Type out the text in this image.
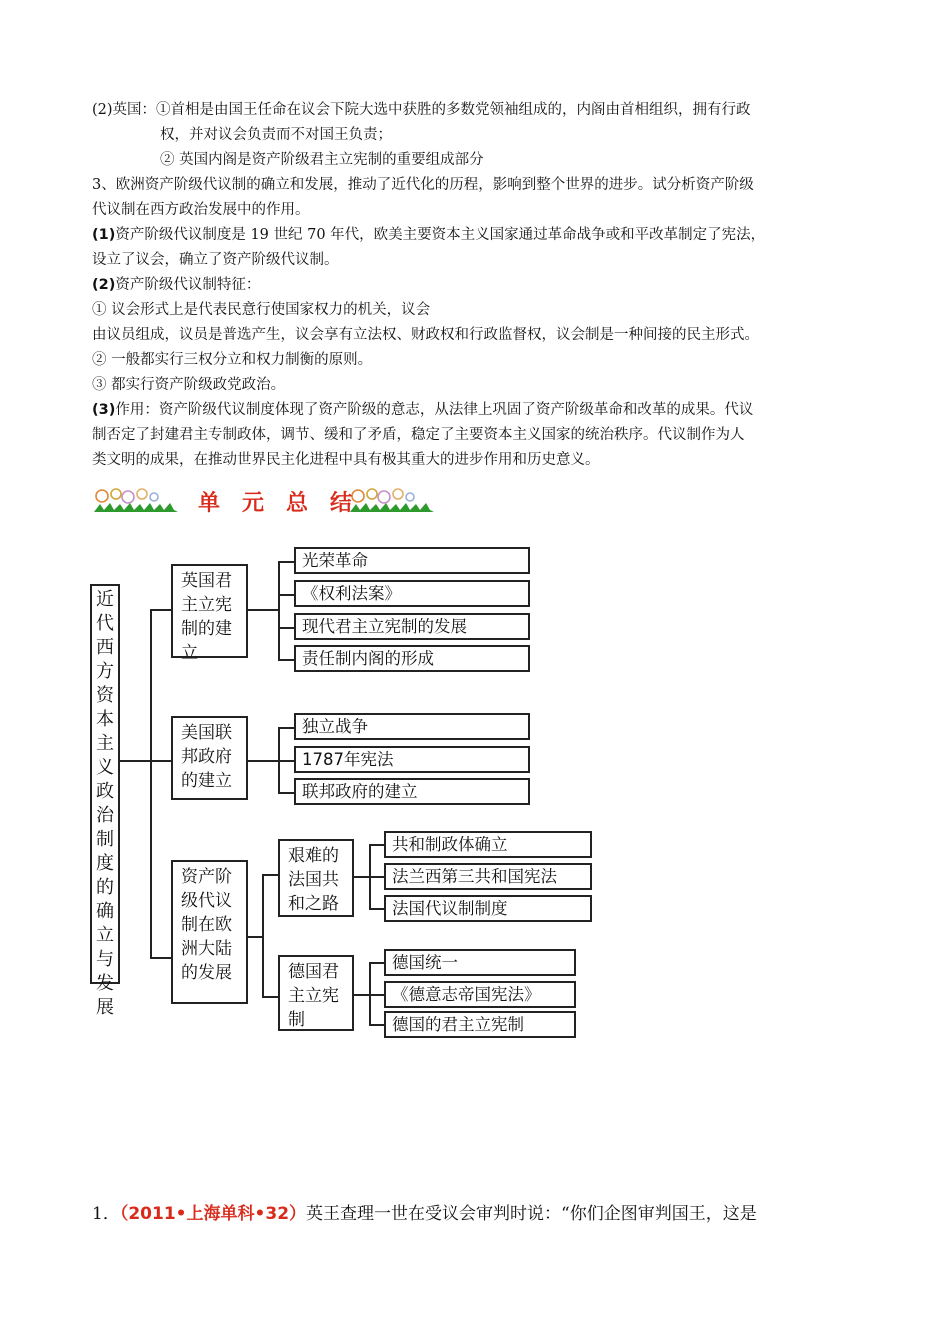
(2)英国：①首相是由国王任命在议会下院大选中获胜的多数党领袖组成的，内阁由首相组织，拥有行政

权，并对议会负责而不对国王负责；

② 英国内阁是资产阶级君主立宪制的重要组成部分

3、欧洲资产阶级代议制的确立和发展，推动了近代化的历程，影响到整个世界的进步。试分析资产阶级

代议制在西方政治发展中的作用。

(1)资产阶级代议制度是 19 世纪 70 年代，欧美主要资本主义国家通过革命战争或和平改革制定了宪法，

设立了议会，确立了资产阶级代议制。

(2)资产阶级代议制特征：

① 议会形式上是代表民意行使国家权力的机关，议会

由议员组成，议员是普选产生，议会享有立法权、财政权和行政监督权，议会制是一种间接的民主形式。

② 一般都实行三权分立和权力制衡的原则。

③ 都实行资产阶级政党政治。

(3)作用：资产阶级代议制度体现了资产阶级的意志，从法律上巩固了资产阶级革命和改革的成果。代议

制否定了封建君主专制政体，调节、缓和了矛盾，稳定了主要资本主义国家的统治秩序。代议制作为人

类文明的成果，在推动世界民主化进程中具有极其重大的进步作用和历史意义。

单元总结
近
代
西
方
资
本
主
义
政
治
制
度
的
确
立
与
发
展
英国君
主立宪
制的建
立
光荣革命
《权利法案》
现代君主立宪制的发展
责任制内阁的形成
美国联
邦政府
的建立
独立战争
1787年宪法
联邦政府的建立
资产阶
级代议
制在欧
洲大陆
的发展
艰难的
法国共
和之路
共和制政体确立
法兰西第三共和国宪法
法国代议制制度
德国君
主立宪
制
德国统一
《德意志帝国宪法》
德国的君主立宪制
1．（2011•上海单科•32）英王查理一世在受议会审判时说：“你们企图审判国王，这是
